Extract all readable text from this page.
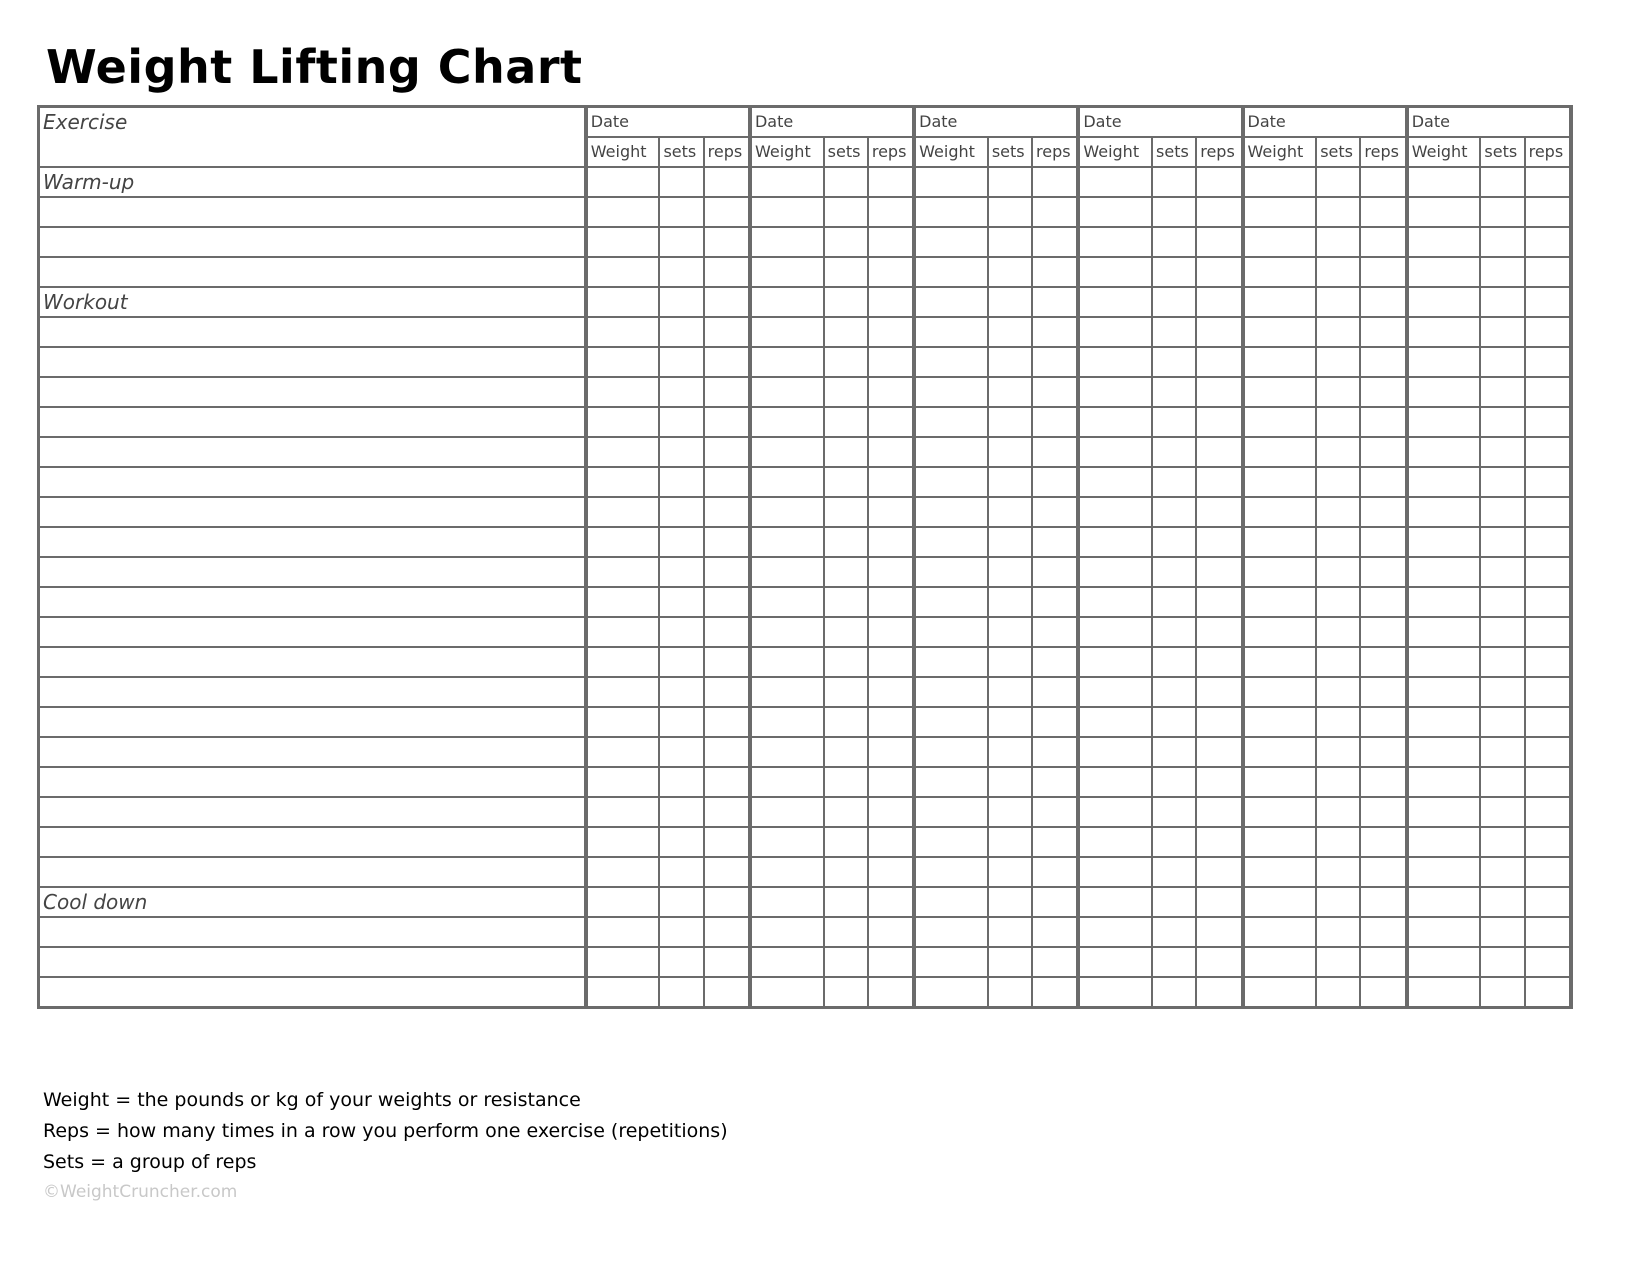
Weight Lifting Chart
Exercise	Date			Date			Date			Date			Date			Date		
	Weight	sets	reps	Weight	sets	reps	Weight	sets	reps	Weight	sets	reps	Weight	sets	reps	Weight	sets	reps
Warm-up																		

Workout																		

Cool down																		

Weight = the pounds or kg of your weights or resistance

Reps = how many times in a row you perform one exercise (repetitions)

Sets = a group of reps

©WeightCruncher.com
